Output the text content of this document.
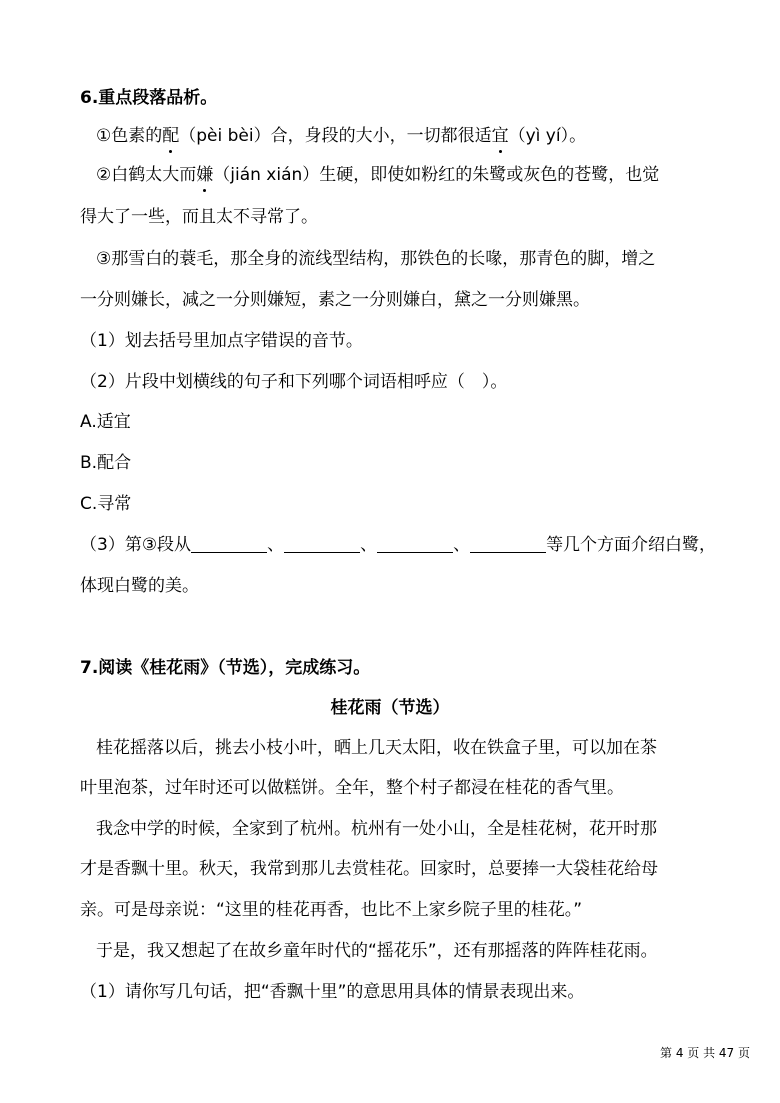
6.重点段落品析。
①色素的配（pèi bèi）合，身段的大小，一切都很适宜（yì yí）。
②白鹤太大而嫌（jián xián）生硬，即使如粉红的朱鹭或灰色的苍鹭，也觉
得大了一些，而且太不寻常了。
③那雪白的蓑毛，那全身的流线型结构，那铁色的长喙，那青色的脚，增之
一分则嫌长，减之一分则嫌短，素之一分则嫌白，黛之一分则嫌黑。
（1）划去括号里加点字错误的音节。
（2）片段中划横线的句子和下列哪个词语相呼应（　）。
A.适宜
B.配合
C.寻常
（3）第③段从	、	、	、	等几个方面介绍白鹭，
体现白鹭的美。
7.阅读《桂花雨》（节选），完成练习。
桂花雨（节选）
桂花摇落以后，挑去小枝小叶，晒上几天太阳，收在铁盒子里，可以加在茶
叶里泡茶，过年时还可以做糕饼。全年，整个村子都浸在桂花的香气里。
我念中学的时候，全家到了杭州。杭州有一处小山，全是桂花树，花开时那
才是香飘十里。秋天，我常到那儿去赏桂花。回家时，总要捧一大袋桂花给母
亲。可是母亲说：“这里的桂花再香，也比不上家乡院子里的桂花。”
于是，我又想起了在故乡童年时代的“摇花乐”，还有那摇落的阵阵桂花雨。
（1）请你写几句话，把“香飘十里”的意思用具体的情景表现出来。
第 4 页 共 47 页
